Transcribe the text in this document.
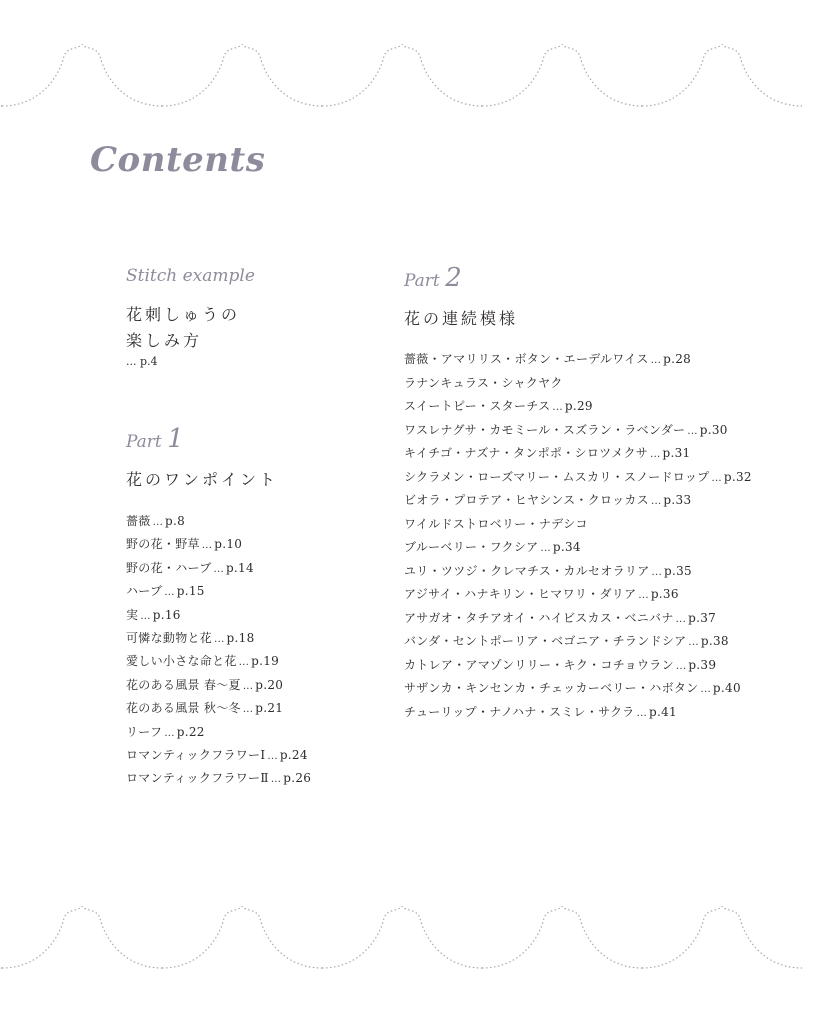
Contents
Stitch example
花刺しゅうの
楽しみ方
... p.4
Part 1
花のワンポイント
薔薇 ... p.8
野の花・野草 ... p.10
野の花・ハーブ ... p.14
ハーブ ... p.15
実 ... p.16
可憐な動物と花 ... p.18
愛しい小さな命と花 ... p.19
花のある風景 春〜夏 ... p.20
花のある風景 秋〜冬 ... p.21
リーフ ... p.22
ロマンティックフラワーⅠ ... p.24
ロマンティックフラワーⅡ ... p.26
Part 2
花の連続模様
薔薇・アマリリス・ボタン・エーデルワイス ... p.28
ラナンキュラス・シャクヤク
スイートピー・スターチス ... p.29
ワスレナグサ・カモミール・スズラン・ラベンダー ... p.30
キイチゴ・ナズナ・タンポポ・シロツメクサ ... p.31
シクラメン・ローズマリー・ムスカリ・スノードロップ ... p.32
ビオラ・プロテア・ヒヤシンス・クロッカス ... p.33
ワイルドストロベリー・ナデシコ
ブルーベリー・フクシア ... p.34
ユリ・ツツジ・クレマチス・カルセオラリア ... p.35
アジサイ・ハナキリン・ヒマワリ・ダリア ... p.36
アサガオ・タチアオイ・ハイビスカス・ベニバナ ... p.37
バンダ・セントポーリア・ベゴニア・チランドシア ... p.38
カトレア・アマゾンリリー・キク・コチョウラン ... p.39
サザンカ・キンセンカ・チェッカーベリー・ハボタン ... p.40
チューリップ・ナノハナ・スミレ・サクラ ... p.41
